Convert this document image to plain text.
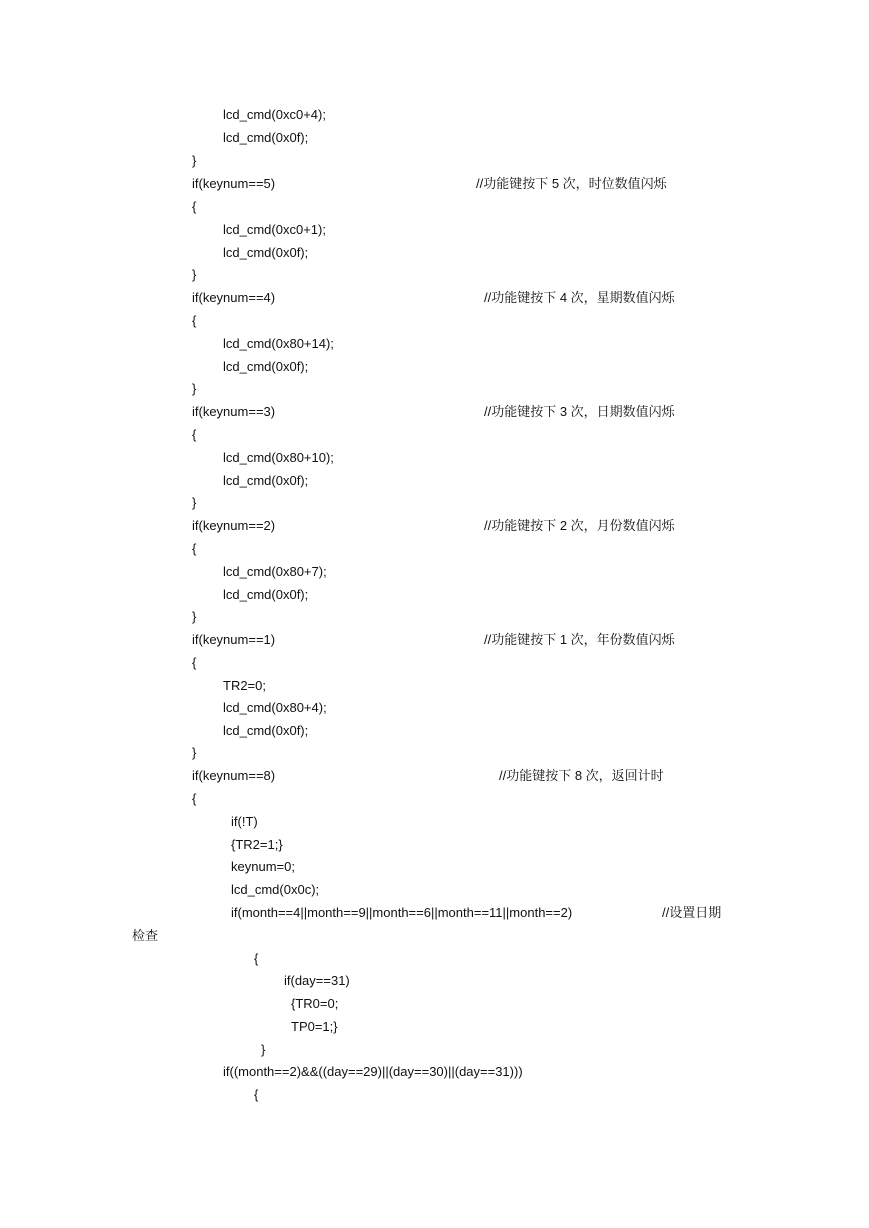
lcd_cmd(0xc0+4);
lcd_cmd(0x0f);
}
if(keynum==5)	//功能键按下 5 次，时位数值闪烁
{
lcd_cmd(0xc0+1);
lcd_cmd(0x0f);
}
if(keynum==4)	//功能键按下 4 次，星期数值闪烁
{
lcd_cmd(0x80+14);
lcd_cmd(0x0f);
}
if(keynum==3)	//功能键按下 3 次，日期数值闪烁
{
lcd_cmd(0x80+10);
lcd_cmd(0x0f);
}
if(keynum==2)	//功能键按下 2 次，月份数值闪烁
{
lcd_cmd(0x80+7);
lcd_cmd(0x0f);
}
if(keynum==1)	//功能键按下 1 次，年份数值闪烁
{
TR2=0;
lcd_cmd(0x80+4);
lcd_cmd(0x0f);
}
if(keynum==8)	//功能键按下 8 次，返回计时
{
if(!T)
{TR2=1;}
keynum=0;
lcd_cmd(0x0c);
if(month==4||month==9||month==6||month==11||month==2)	//设置日期
检查
{
if(day==31)
{TR0=0;
TP0=1;}
}
if((month==2)&&((day==29)||(day==30)||(day==31)))
{
